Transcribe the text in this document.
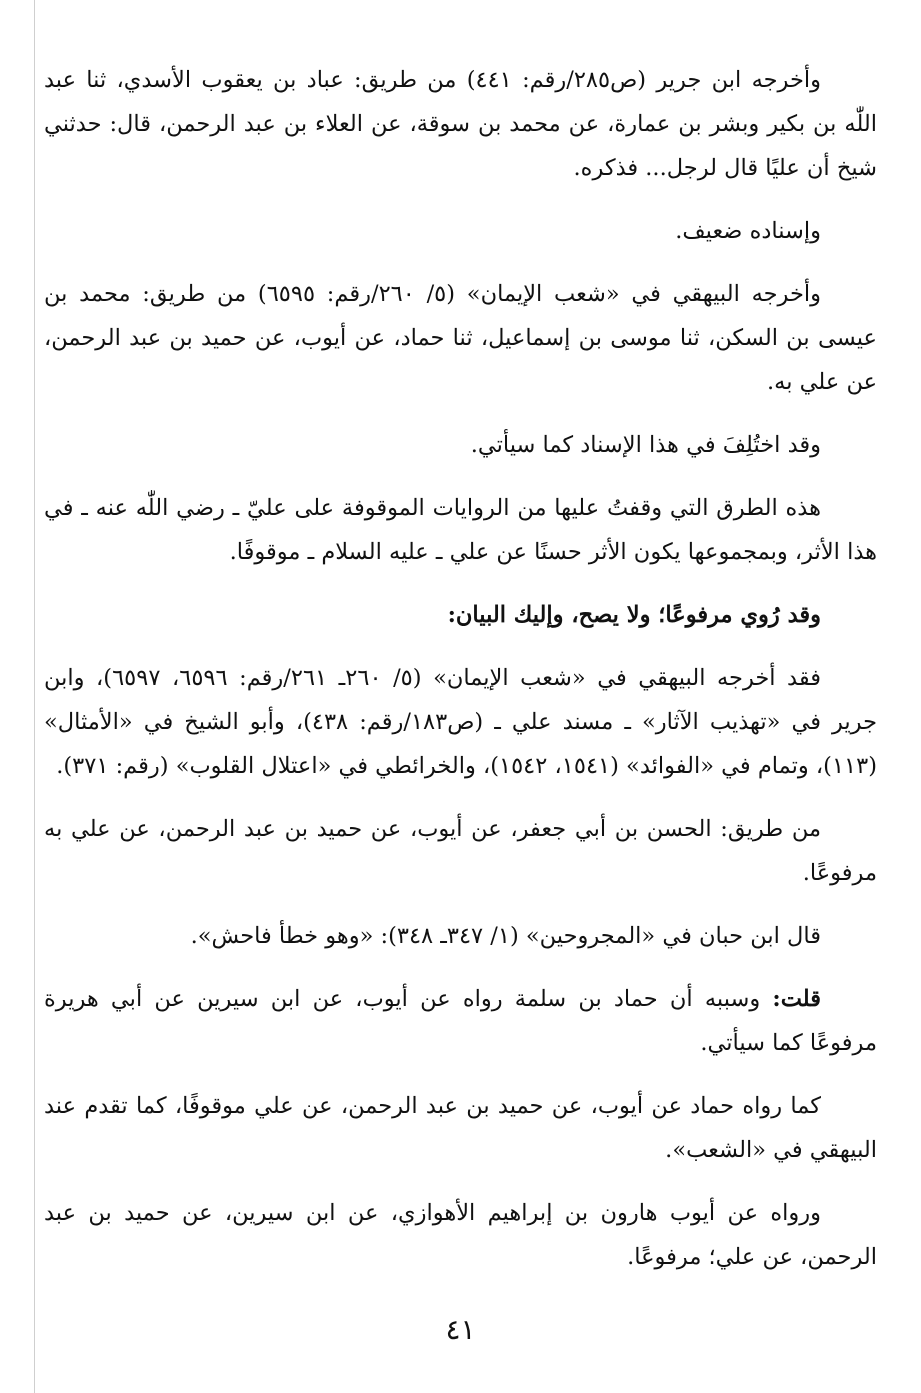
وأخرجه ابن جرير (ص٢٨٥/رقم: ٤٤١) من طريق: عباد بن يعقوب الأسدي، ثنا عبد اللّٰه بن بكير وبشر بن عمارة، عن محمد بن سوقة، عن العلاء بن عبد الرحمن، قال: حدثني شيخ أن عليًا قال لرجل... فذكره.

وإسناده ضعيف.

وأخرجه البيهقي في «شعب الإيمان» (٥/ ٢٦٠/رقم: ٦٥٩٥) من طريق: محمد بن عيسى بن السكن، ثنا موسى بن إسماعيل، ثنا حماد، عن أيوب، عن حميد بن عبد الرحمن، عن علي به.

وقد اختُلِفَ في هذا الإسناد كما سيأتي.

هذه الطرق التي وقفتُ عليها من الروايات الموقوفة على عليّ ـ رضي اللّٰه عنه ـ في هذا الأثر، وبمجموعها يكون الأثر حسنًا عن علي ـ عليه السلام ـ موقوفًا.

وقد رُوي مرفوعًا؛ ولا يصح، وإليك البيان:

فقد أخرجه البيهقي في «شعب الإيمان» (٥/ ٢٦٠ـ ٢٦١/رقم: ٦٥٩٦، ٦٥٩٧)، وابن جرير في «تهذيب الآثار» ـ مسند علي ـ (ص١٨٣/رقم: ٤٣٨)، وأبو الشيخ في «الأمثال» (١١٣)، وتمام في «الفوائد» (١٥٤١، ١٥٤٢)، والخرائطي في «اعتلال القلوب» (رقم: ٣٧١).

من طريق: الحسن بن أبي جعفر، عن أيوب، عن حميد بن عبد الرحمن، عن علي به مرفوعًا.

قال ابن حبان في «المجروحين» (١/ ٣٤٧ـ ٣٤٨): «وهو خطأ فاحش».

قلت: وسببه أن حماد بن سلمة رواه عن أيوب، عن ابن سيرين عن أبي هريرة مرفوعًا كما سيأتي.

كما رواه حماد عن أيوب، عن حميد بن عبد الرحمن، عن علي موقوفًا، كما تقدم عند البيهقي في «الشعب».

ورواه عن أيوب هارون بن إبراهيم الأهوازي، عن ابن سيرين، عن حميد بن عبد الرحمن، عن علي؛ مرفوعًا.

٤١
